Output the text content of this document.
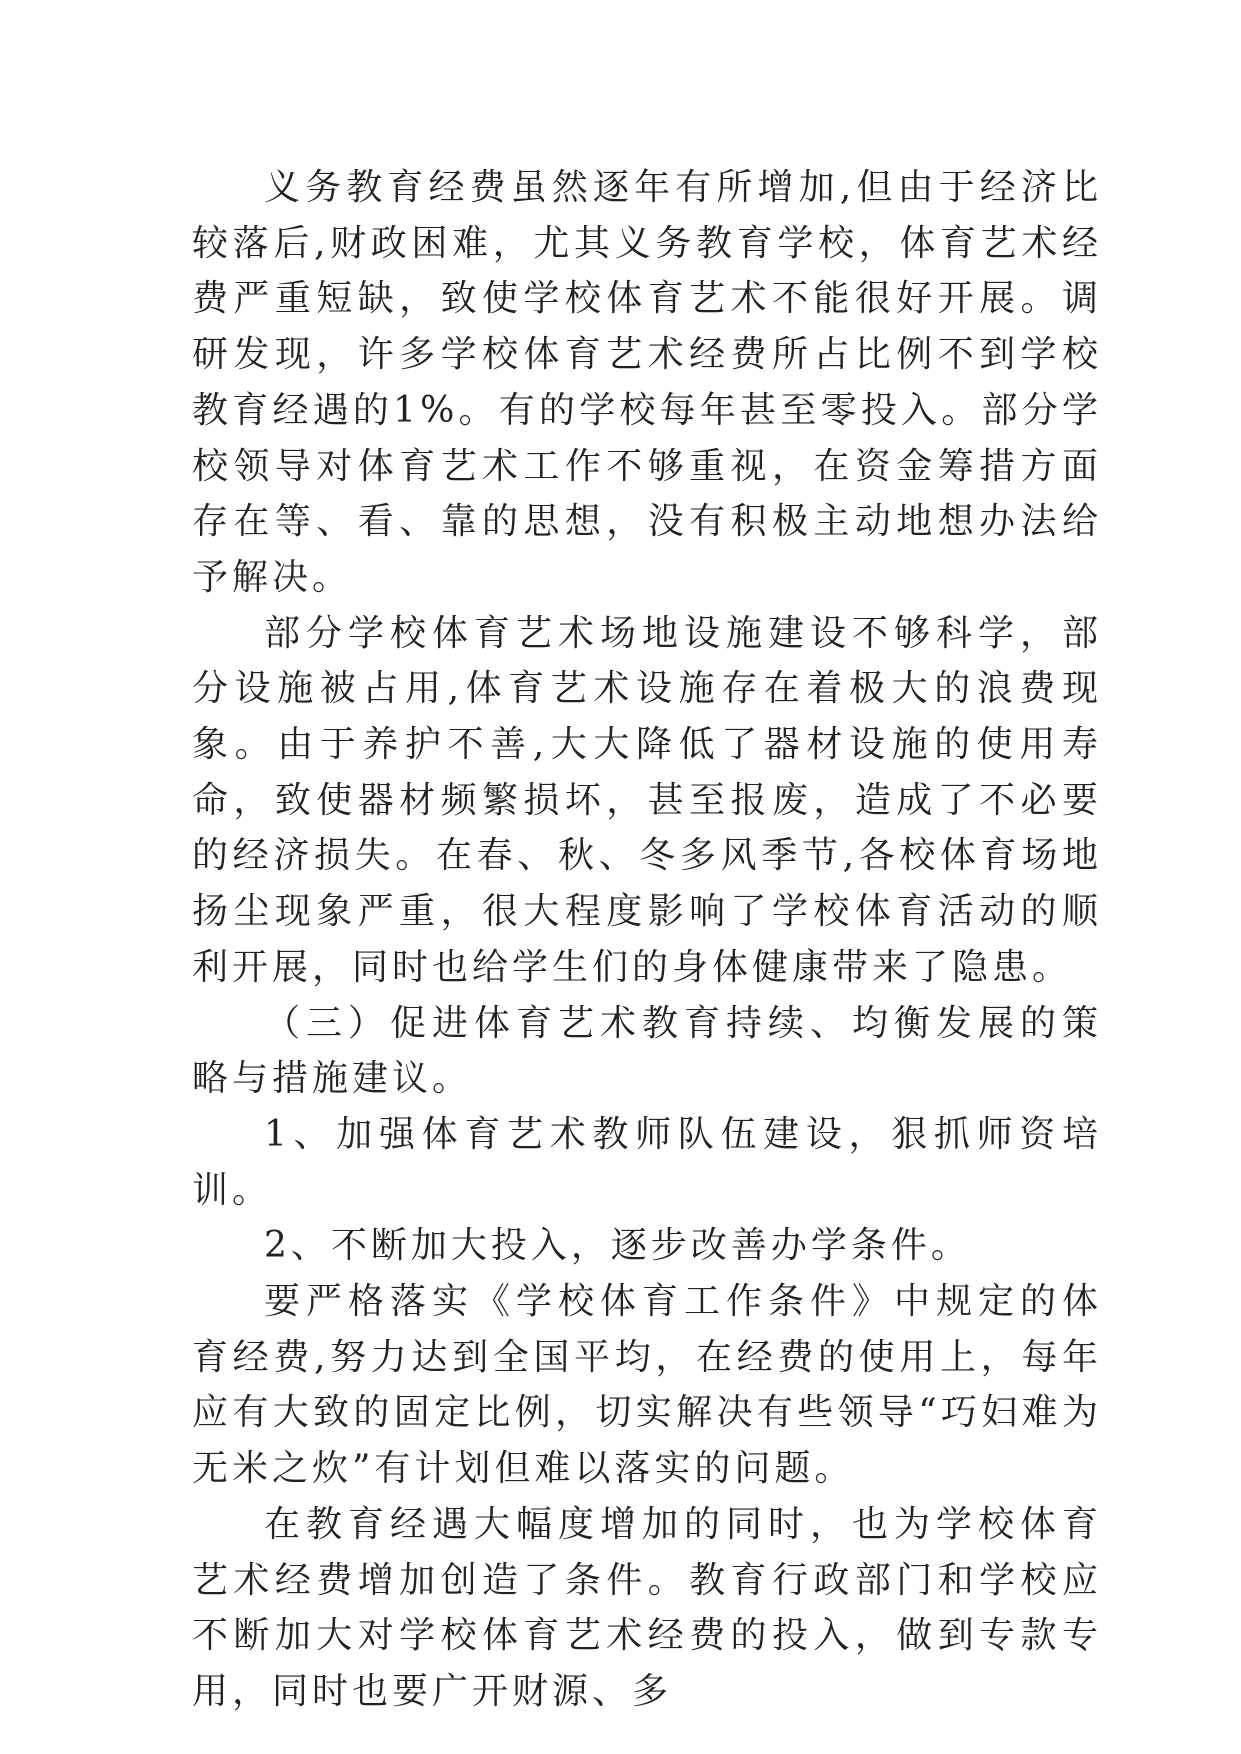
义务教育经费虽然逐年有所增加,但由于经济比较落后,财政困难，尤其义务教育学校，体育艺术经费严重短缺，致使学校体育艺术不能很好开展。调研发现，许多学校体育艺术经费所占比例不到学校教育经遇的1%。有的学校每年甚至零投入。部分学校领导对体育艺术工作不够重视，在资金筹措方面存在等、看、靠的思想，没有积极主动地想办法给予解决。

部分学校体育艺术场地设施建设不够科学，部分设施被占用,体育艺术设施存在着极大的浪费现象。由于养护不善,大大降低了器材设施的使用寿命，致使器材频繁损坏，甚至报废，造成了不必要的经济损失。在春、秋、冬多风季节,各校体育场地扬尘现象严重，很大程度影响了学校体育活动的顺利开展，同时也给学生们的身体健康带来了隐患。

（三）促进体育艺术教育持续、均衡发展的策略与措施建议。

1、加强体育艺术教师队伍建设，狠抓师资培训。

2、不断加大投入，逐步改善办学条件。

要严格落实《学校体育工作条件》中规定的体育经费,努力达到全国平均，在经费的使用上，每年应有大致的固定比例，切实解决有些领导“巧妇难为无米之炊”有计划但难以落实的问题。

在教育经遇大幅度增加的同时，也为学校体育艺术经费增加创造了条件。教育行政部门和学校应不断加大对学校体育艺术经费的投入，做到专款专用，同时也要广开财源、多
